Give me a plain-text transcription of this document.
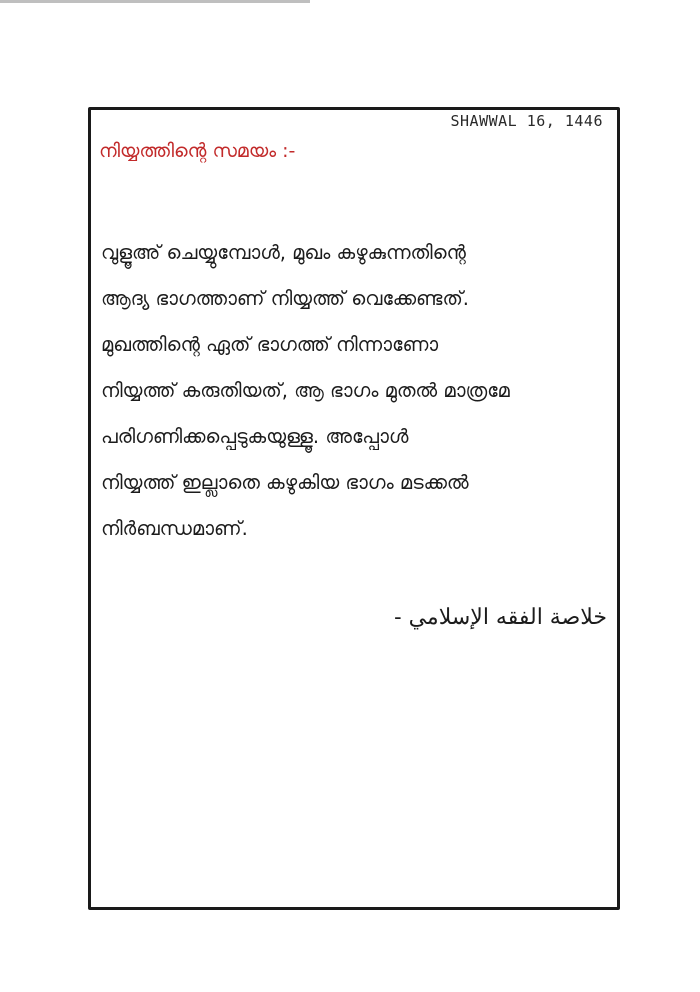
SHAWWAL 16, 1446
നിയ്യത്തിന്റെ സമയം :-
വുളൂഅ് ചെയ്യുമ്പോൾ, മുഖം കഴുകുന്നതിന്റെ
ആദ്യ ഭാഗത്താണ് നിയ്യത്ത് വെക്കേണ്ടത്.
മുഖത്തിന്റെ ഏത് ഭാഗത്ത് നിന്നാണോ
നിയ്യത്ത് കരുതിയത്, ആ ഭാഗം മുതൽ മാത്രമേ
പരിഗണിക്കപ്പെടുകയുള്ളൂ. അപ്പോൾ
നിയ്യത്ത് ഇല്ലാതെ കഴുകിയ ഭാഗം മടക്കൽ
നിർബന്ധമാണ്.
خلاصة الفقه الإسلامي -
